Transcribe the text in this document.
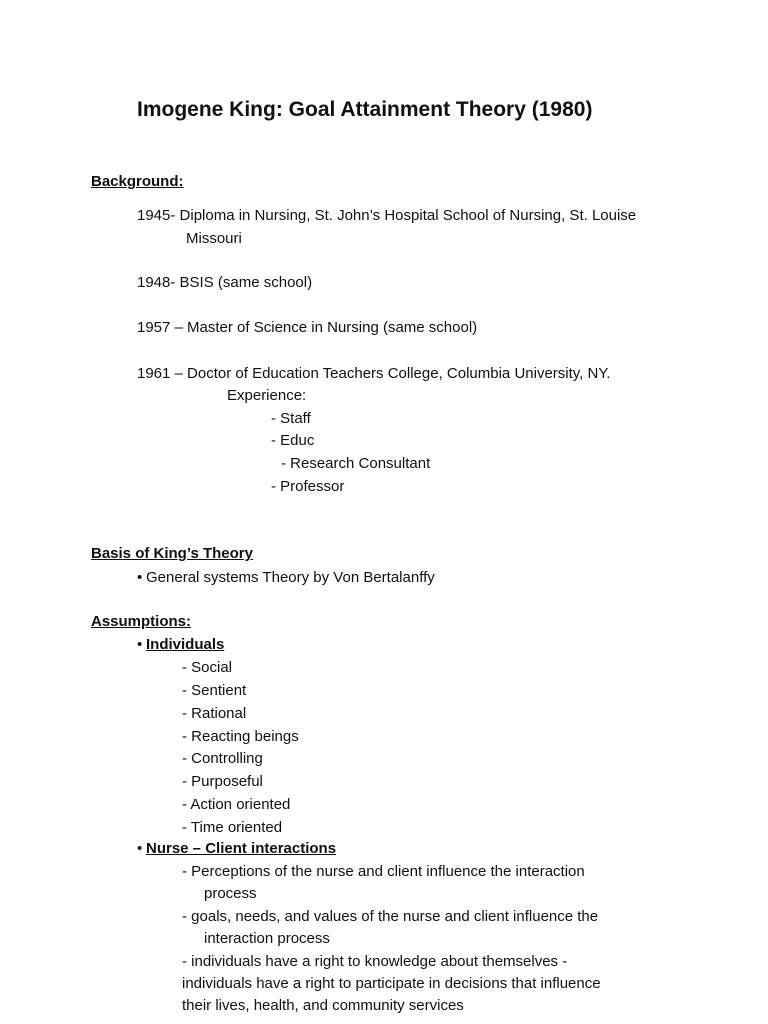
Imogene King: Goal Attainment Theory (1980)
Background:
1945- Diploma in Nursing, St. John’s Hospital School of Nursing, St. Louise
Missouri
1948- BSIS (same school)
1957 – Master of Science in Nursing (same school)
1961 – Doctor of Education Teachers College, Columbia University, NY.
Experience:
- Staff
- Educ
- Research Consultant
- Professor
Basis of King’s Theory
• General systems Theory by Von Bertalanffy
Assumptions:
• Individuals
- Social
- Sentient
- Rational
- Reacting beings
- Controlling
- Purposeful
- Action oriented
- Time oriented
• Nurse – Client interactions
- Perceptions of the nurse and client influence the interaction
process
- goals, needs, and values of the nurse and client influence the
interaction process
- individuals have a right to knowledge about themselves -
individuals have a right to participate in decisions that influence
their lives, health, and community services
